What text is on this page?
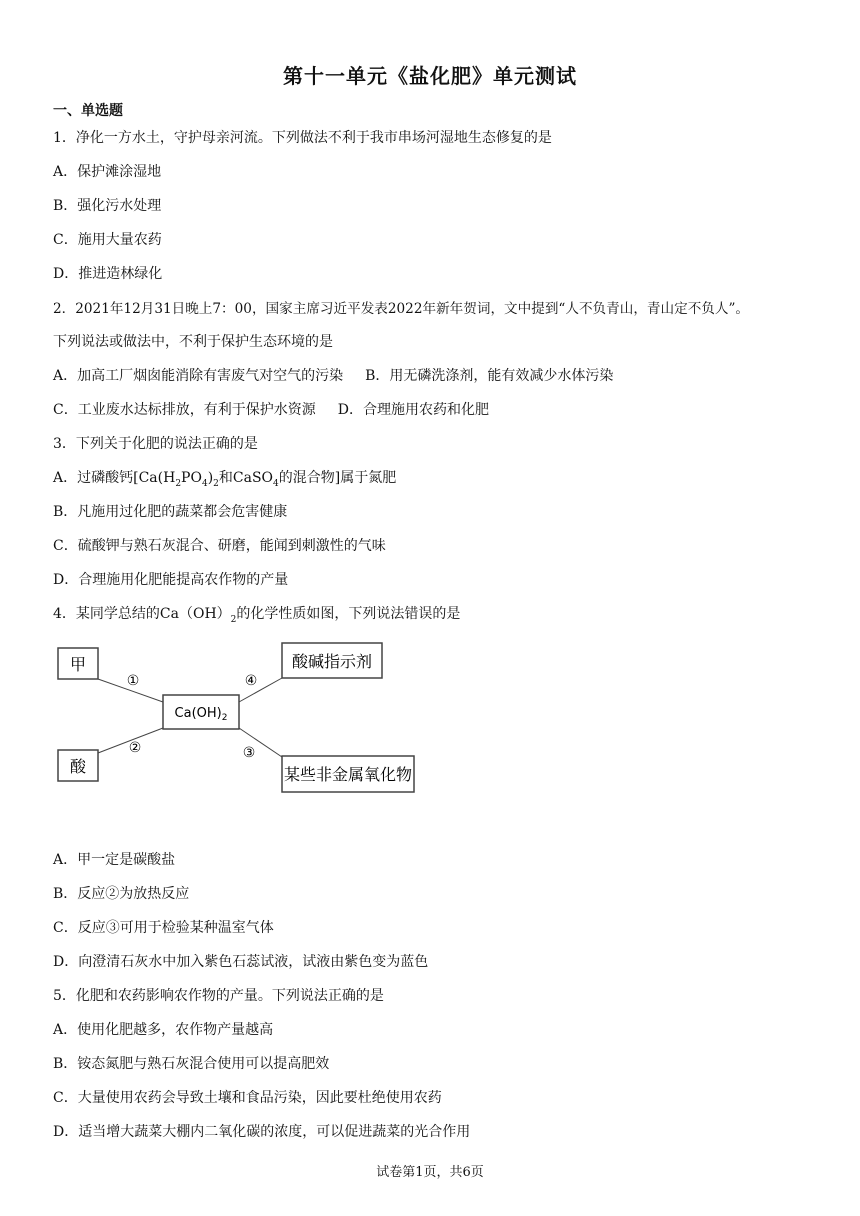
第十一单元《盐化肥》单元测试
一、单选题
1．净化一方水土，守护母亲河流。下列做法不利于我市串场河湿地生态修复的是
A．保护滩涂湿地
B．强化污水处理
C．施用大量农药
D．推进造林绿化
2．2021年12月31日晚上7：00，国家主席习近平发表2022年新年贺词，文中提到“人不负青山，青山定不负人”。
下列说法或做法中，不利于保护生态环境的是
A．加高工厂烟囱能消除有害废气对空气的污染 B．用无磷洗涤剂，能有效减少水体污染
C．工业废水达标排放，有利于保护水资源 D．合理施用农药和化肥
3．下列关于化肥的说法正确的是
A．过磷酸钙[$Ca(H_2PO_4)_2$和CaSO$_4$的混合物]属于氮肥
B．凡施用过化肥的蔬菜都会危害健康
C．硫酸钾与熟石灰混合、研磨，能闻到刺激性的气味
D．合理施用化肥能提高农作物的产量
4．某同学总结的$Ca(OH)_2$的化学性质如图，下列说法错误的是
甲
酸
$Ca(OH)_2$
酸碱指示剂
某些非金属氧化物
①
②	③
④
A．甲一定是碳酸盐
B．反应②为放热反应
C．反应③可用于检验某种温室气体
D．向澄清石灰水中加入紫色石蕊试液，试液由紫色变为蓝色
5．化肥和农药影响农作物的产量。下列说法正确的是
A．使用化肥越多，农作物产量越高
B．铵态氮肥与熟石灰混合使用可以提高肥效
C．大量使用农药会导致土壤和食品污染，因此要杜绝使用农药
D．适当增大蔬菜大棚内二氧化碳的浓度，可以促进蔬菜的光合作用
试卷第1页，共6页
